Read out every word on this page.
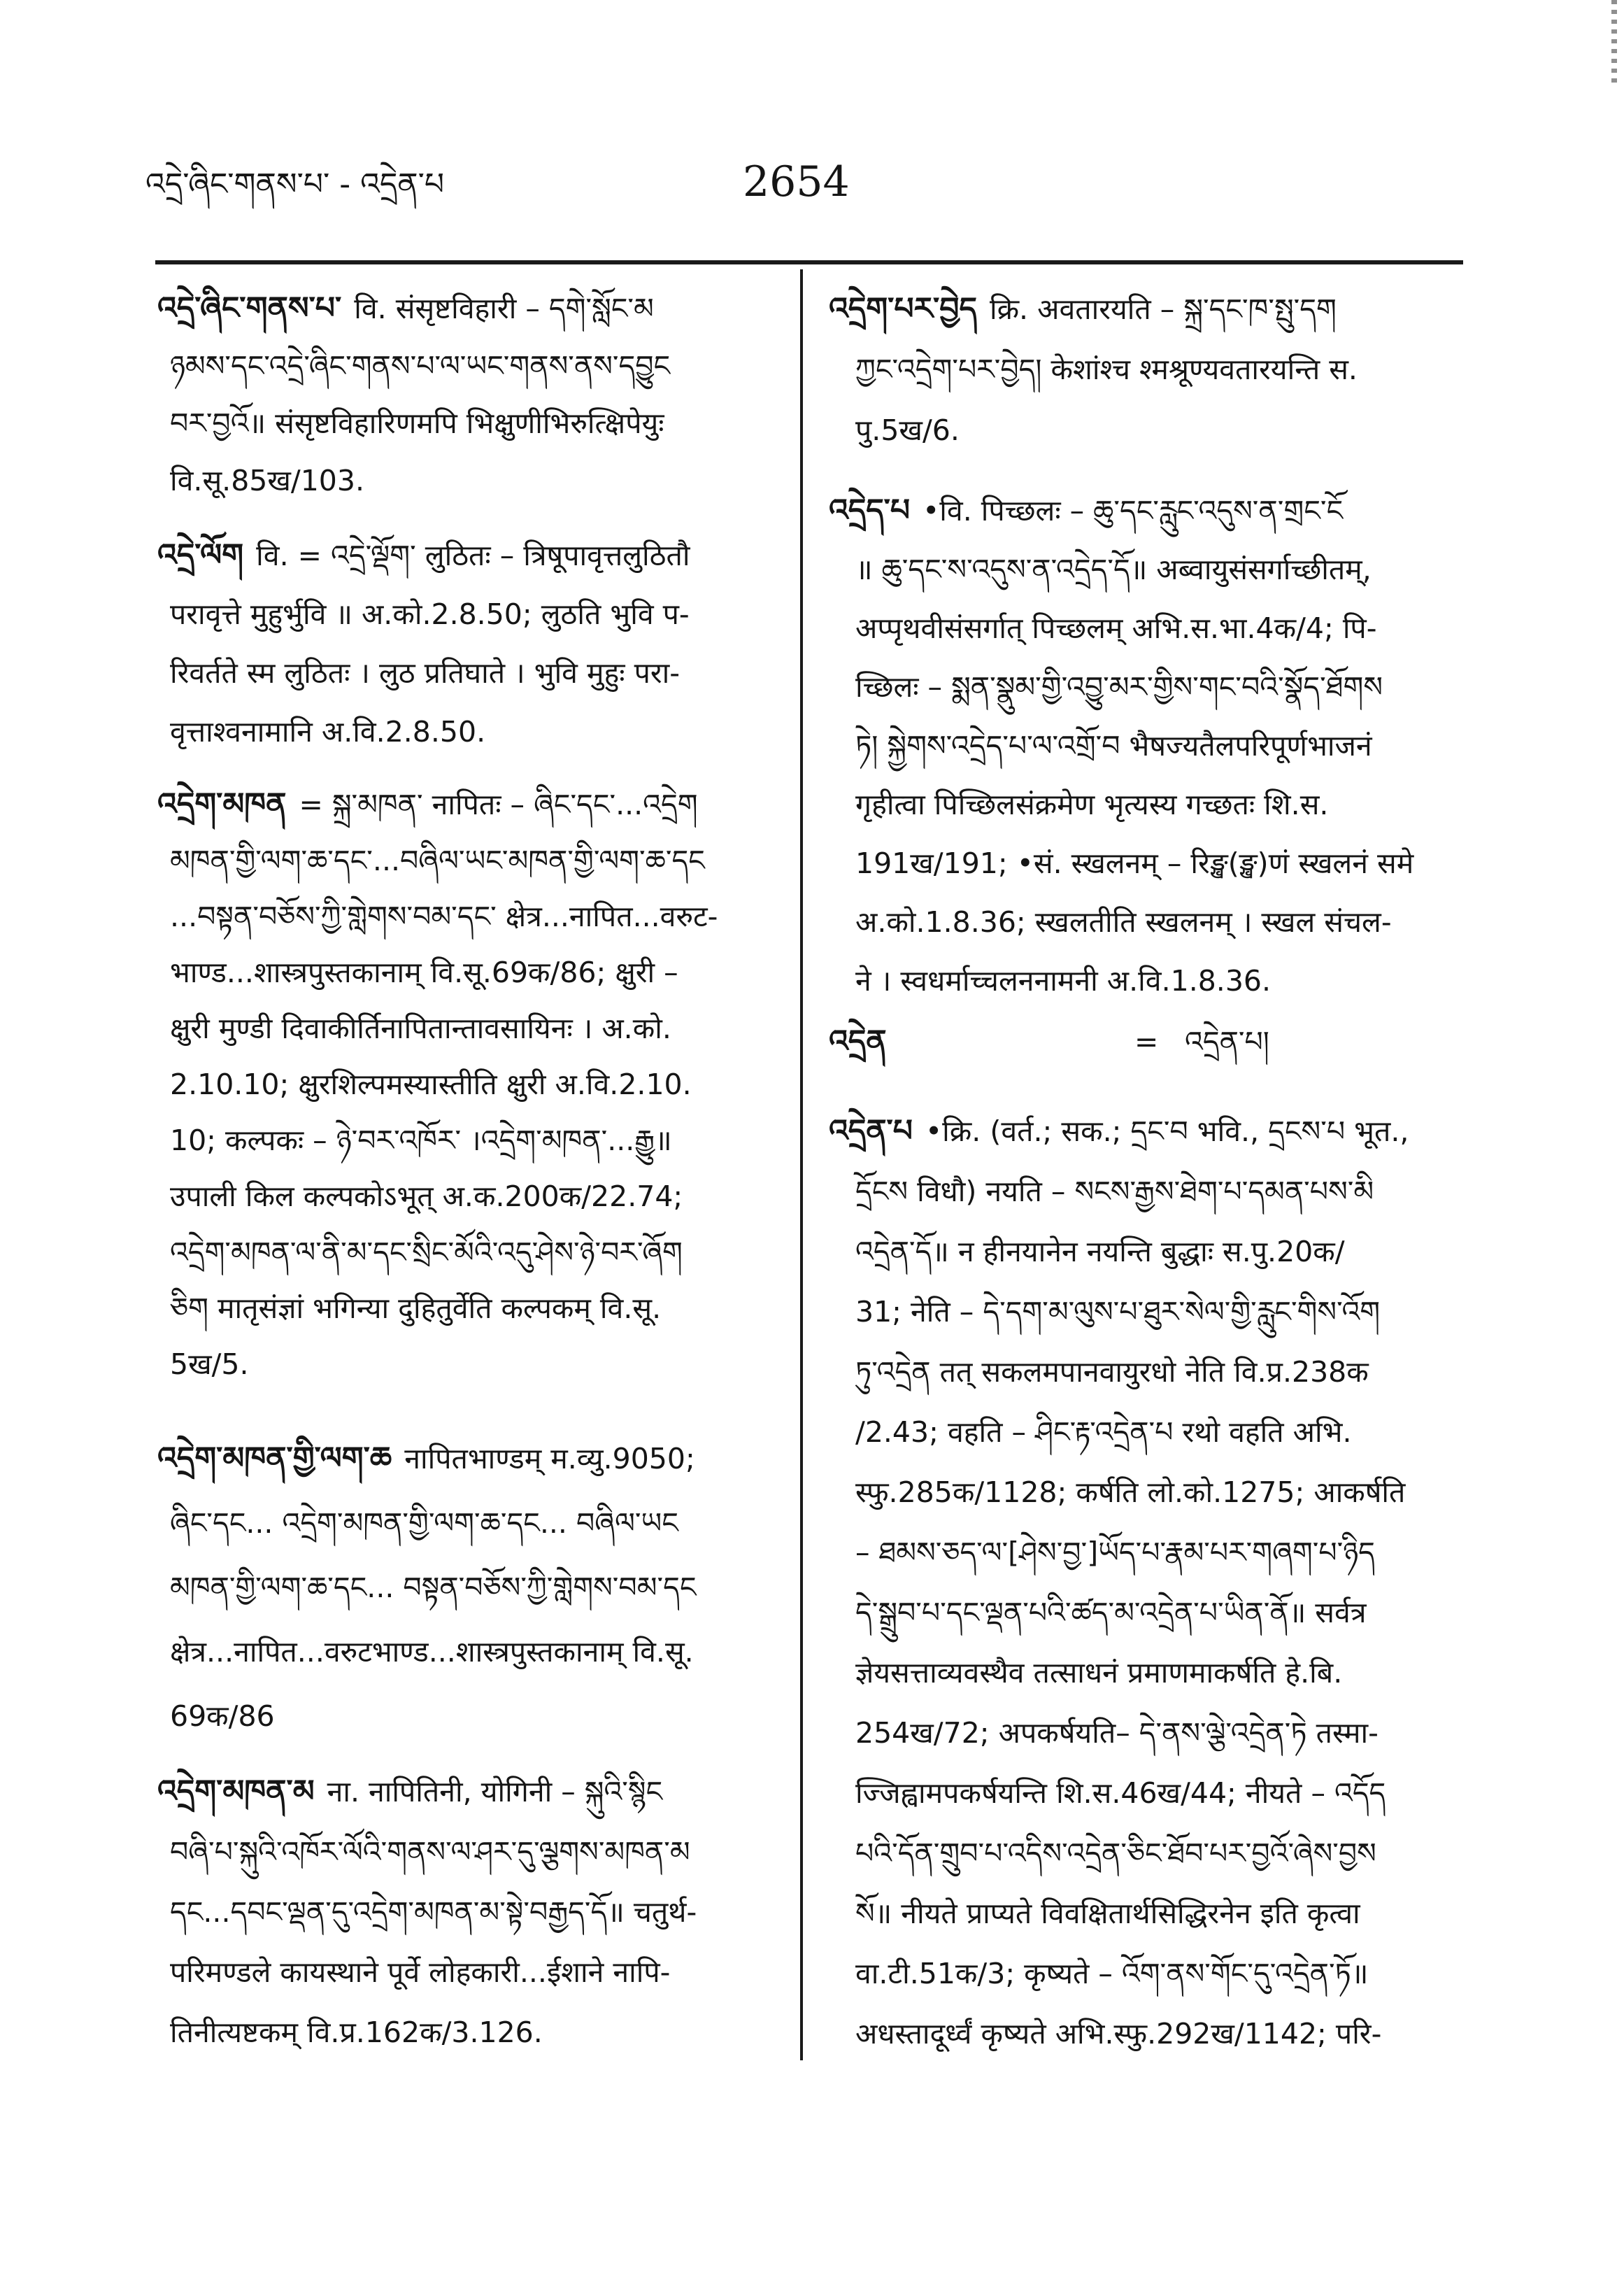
འདྲེ་ཞིང་གནས་པ་ - འདྲེན་པ	2654
འདྲེ་ཞིང་གནས་པ་ वि. संसृष्टविहारी – དགེ་སློང་མ
ཉམས་དང་འདྲེ་ཞིང་གནས་པ་ལ་ཡང་གནས་ནས་དབྱུང
བར་བྱའོ॥ संसृष्टविहारिणमपि भिक्षुणीभिरुत्क्षिपेयुः
वि.सू.85ख/103.
འདྲེ་ལོག वि. = འདྲེ་ལྡོག་ लुठितः – त्रिषूपावृत्तलुठितौ
परावृत्ते मुहुर्भुवि ॥ अ.को.2.8.50; लुठति भुवि प-
रिवर्तते स्म लुठितः । लुठ प्रतिघाते । भुवि मुहुः परा-
वृत्ताश्वनामानि अ.वि.2.8.50.
འདྲེག་མཁན = སྐྲ་མཁན་ नापितः – ཞིང་དང་...འདྲེག
མཁན་གྱི་ལག་ཆ་དང་...བཞིལ་ཡང་མཁན་གྱི་ལག་ཆ་དང
...བསྟན་བཅོས་ཀྱི་གླེགས་བམ་དང་ क्षेत्र...नापित...वरुट-
भाण्ड...शास्त्रपुस्तकानाम् वि.सू.69क/86; क्षुरी –
क्षुरी मुण्डी दिवाकीर्तिनापितान्तावसायिनः । अ.को.
2.10.10; क्षुरशिल्पमस्यास्तीति क्षुरी अ.वि.2.10.
10; कल्पकः – ཉེ་བར་འཁོར་ ।འདྲེག་མཁན་...རྒྱུ॥
उपाली किल कल्पकोऽभूत् अ.क.200क/22.74;
འདྲེག་མཁན་ལ་ནི་མ་དང་སྲིང་མོའི་འདུ་ཤེས་ཉེ་བར་ཞོག
ཅིག मातृसंज्ञां भगिन्या दुहितुर्वेति कल्पकम् वि.सू.
5ख/5.
འདྲེག་མཁན་གྱི་ལག་ཆ नापितभाण्डम् म.व्यु.9050;
ཞིང་དང... འདྲེག་མཁན་གྱི་ལག་ཆ་དང... བཞིལ་ཡང
མཁན་གྱི་ལག་ཆ་དང... བསྟན་བཅོས་ཀྱི་གླེགས་བམ་དང
क्षेत्र...नापित...वरुटभाण्ड...शास्त्रपुस्तकानाम् वि.सू.
69क/86
འདྲེག་མཁན་མ ना. नापितिनी, योगिनी – སྐུའི་སྙིང
བཞི་པ་སྐུའི་འཁོར་ལོའི་གནས་ལ་ཤར་དུ་ལྕགས་མཁན་མ
དང...དབང་ལྡན་དུ་འདྲེག་མཁན་མ་སྟེ་བརྒྱད་དོ॥ चतुर्थ-
परिमण्डले कायस्थाने पूर्वे लोहकारी...ईशाने नापि-
तिनीत्यष्टकम् वि.प्र.162क/3.126.
འདྲེག་པར་བྱེད क्रि. अवतारयति – སྐྲ་དང་ཁ་སྤུ་དག
ཀྱང་འདྲེག་པར་བྱེད། केशांश्च श्मश्रूण्यवतारयन्ति स.
पु.5ख/6.
འདྲེད་པ •वि. पिच्छलः – ཆུ་དང་རླུང་འདུས་ན་གྲང་ངོ
॥ ཆུ་དང་ས་འདུས་ན་འདྲེད་དོ॥ अब्वायुसंसर्गाच्छीतम्,
अप्पृथवीसंसर्गात् पिच्छलम् अभि.स.भा.4क/4; पि-
च्छिलः – སྨན་སྣུམ་གྱི་འབྱུ་མར་གྱིས་གང་བའི་སྣོད་ཐོགས
ཏེ། སྐྱེགས་འདྲེད་པ་ལ་འགྲོ་བ भैषज्यतैलपरिपूर्णभाजनं
गृहीत्वा पिच्छिलसंक्रमेण भृत्यस्य गच्छतः शि.स.
191ख/191; •सं. स्खलनम् – रिङ्ख(ङ्ख)णं स्खलनं समे
अ.को.1.8.36; स्खलतीति स्खलनम् । स्खल संचल-
ने । स्वधर्माच्चलननामनी अ.वि.1.8.36.
འདྲེན	= འདྲེན་པ།
འདྲེན་པ •क्रि. (वर्त.; सक.; དྲང་བ भवि., དྲངས་པ भूत.,
དྲོངས विधौ) नयति – སངས་རྒྱས་ཐེག་པ་དམན་པས་མི
འདྲེན་དོ॥ न हीनयानेन नयन्ति बुद्धाः स.पु.20क/
31; नेति – དེ་དག་མ་ལུས་པ་ཐུར་སེལ་གྱི་རླུང་གིས་འོག
ཏུ་འདྲེན तत् सकलमपानवायुरधो नेति वि.प्र.238क
/2.43; वहति – ཤིང་རྟ་འདྲེན་པ रथो वहति अभि.
स्फु.285क/1128; कर्षति लो.को.1275; आकर्षति
– ཐམས་ཅད་ལ་[ཤེས་བྱ་]ཡོད་པ་རྣམ་པར་གཞག་པ་ཉིད
དེ་སྒྲུབ་པ་དང་ལྡན་པའི་ཚད་མ་འདྲེན་པ་ཡིན་ནོ॥ सर्वत्र
ज्ञेयसत्ताव्यवस्थैव तत्साधनं प्रमाणमाकर्षति हे.बि.
254ख/72; अपकर्षयति– དེ་ནས་ལྕེ་འདྲེན་ཏེ तस्मा-
ज्जिह्वामपकर्षयन्ति शि.स.46ख/44; नीयते – འདོད
པའི་དོན་གྲུབ་པ་འདིས་འདྲེན་ཅིང་ཐོབ་པར་བྱའོ་ཞེས་བྱས
སོ॥ नीयते प्राप्यते विवक्षितार्थसिद्धिरनेन इति कृत्वा
वा.टी.51क/3; कृष्यते – འོག་ནས་གོང་དུ་འདྲེན་ཏོ॥
अधस्तादूर्ध्वं कृष्यते अभि.स्फु.292ख/1142; परि-
